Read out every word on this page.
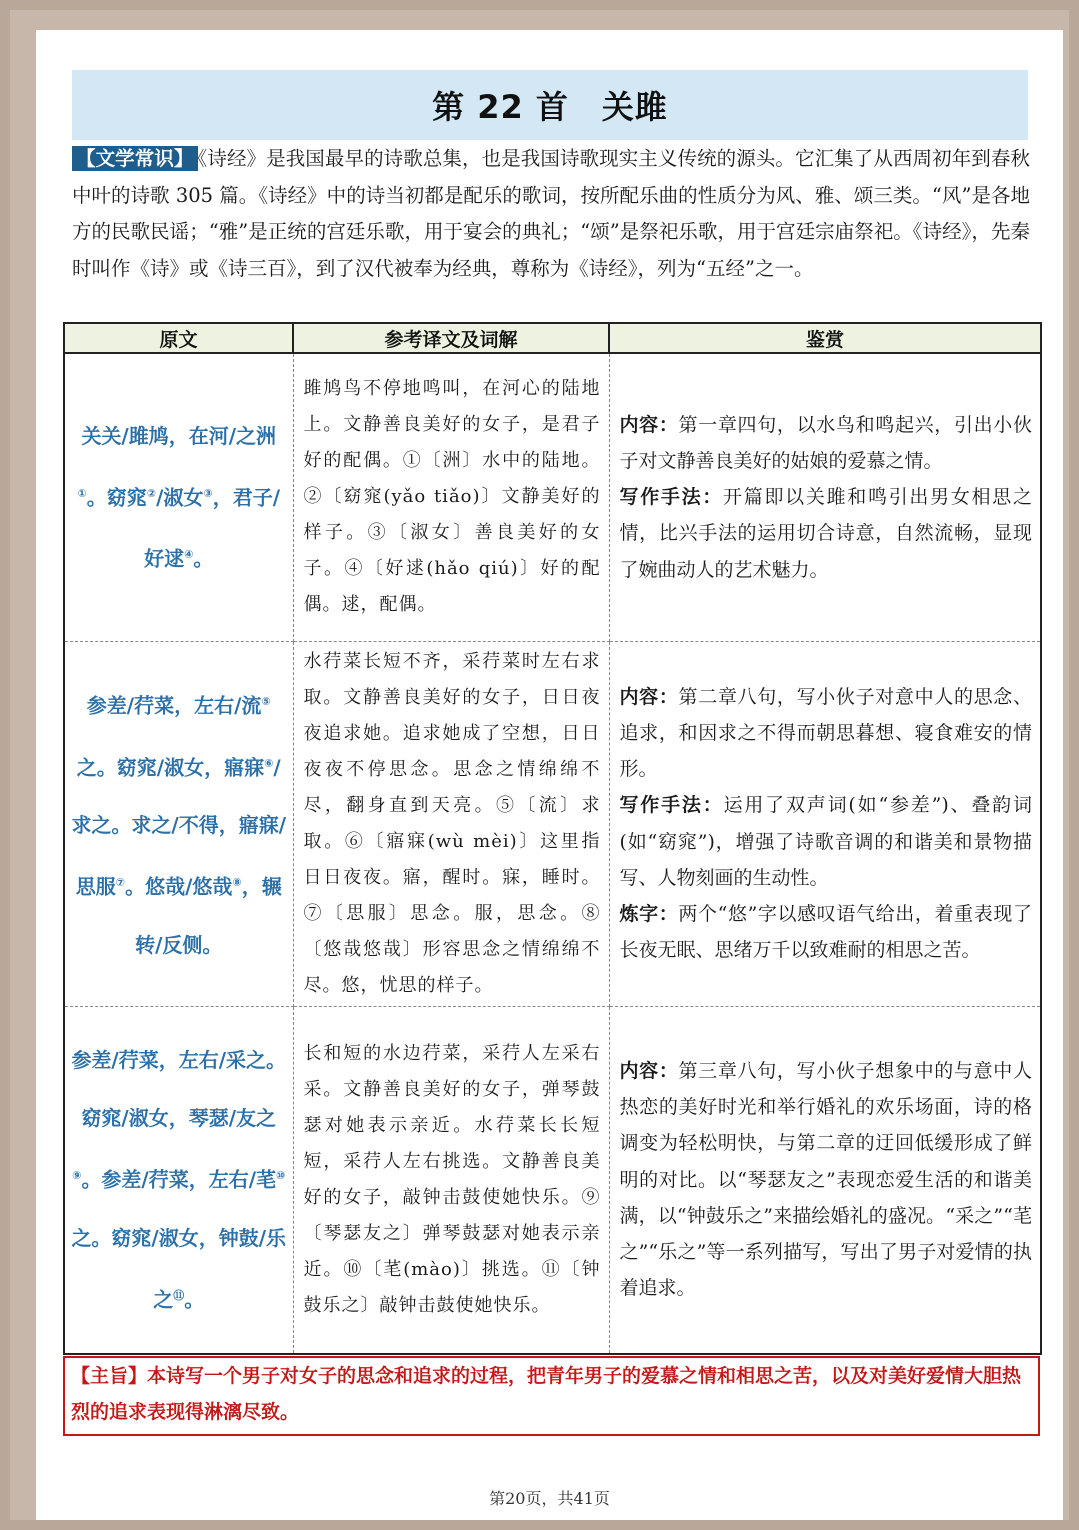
第 22 首　关雎
【文学常识】 《诗经》是我国最早的诗歌总集，也是我国诗歌现实主义传统的源头。它汇集了从西周初年到春秋中叶的诗歌 305 篇。《诗经》中的诗当初都是配乐的歌词，按所配乐曲的性质分为风、雅、颂三类。“风”是各地方的民歌民谣；“雅”是正统的宫廷乐歌，用于宴会的典礼；“颂”是祭祀乐歌，用于宫廷宗庙祭祀。《诗经》，先秦时叫作《诗》或《诗三百》，到了汉代被奉为经典，尊称为《诗经》，列为“五经”之一。
原文	参考译文及词解	鉴赏

关关/雎鸠，在河/之洲①。窈窕②/淑女③，君子/好逑④。	雎鸠鸟不停地鸣叫，在河心的陆地上。文静善良美好的女子，是君子好的配偶。①〔洲〕水中的陆地。②〔窈窕(yǎo tiǎo)〕文静美好的样子。③〔淑女〕善良美好的女子。④〔好逑(hǎo qiú)〕好的配偶。逑，配偶。	内容：第一章四句，以水鸟和鸣起兴，引出小伙子对文静善良美好的姑娘的爱慕之情。
写作手法：开篇即以关雎和鸣引出男女相思之情，比兴手法的运用切合诗意，自然流畅，显现了婉曲动人的艺术魅力。

参差/荇菜，左右/流⑤之。窈窕/淑女，寤寐⑥/求之。求之/不得，寤寐/思服⑦。悠哉/悠哉⑧，辗转/反侧。	水荇菜长短不齐，采荇菜时左右求取。文静善良美好的女子，日日夜夜追求她。追求她成了空想，日日夜夜不停思念。思念之情绵绵不尽，翻身直到天亮。⑤〔流〕求取。⑥〔寤寐(wù mèi)〕这里指日日夜夜。寤，醒时。寐，睡时。⑦〔思服〕思念。服，思念。⑧〔悠哉悠哉〕形容思念之情绵绵不尽。悠，忧思的样子。	内容：第二章八句，写小伙子对意中人的思念、追求，和因求之不得而朝思暮想、寝食难安的情形。
写作手法：运用了双声词(如“参差”)、叠韵词(如“窈窕”)，增强了诗歌音调的和谐美和景物描写、人物刻画的生动性。
炼字：两个“悠”字以感叹语气给出，着重表现了长夜无眠、思绪万千以致难耐的相思之苦。

参差/荇菜，左右/采之。窈窕/淑女，琴瑟/友之⑨。参差/荇菜，左右/芼⑩之。窈窕/淑女，钟鼓/乐之⑪。	长和短的水边荇菜，采荇人左采右采。文静善良美好的女子，弹琴鼓瑟对她表示亲近。水荇菜长长短短，采荇人左右挑选。文静善良美好的女子，敲钟击鼓使她快乐。⑨〔琴瑟友之〕弹琴鼓瑟对她表示亲近。⑩〔芼(mào)〕挑选。⑪〔钟鼓乐之〕敲钟击鼓使她快乐。	内容：第三章八句，写小伙子想象中的与意中人热恋的美好时光和举行婚礼的欢乐场面，诗的格调变为轻松明快，与第二章的迂回低缓形成了鲜明的对比。以“琴瑟友之”表现恋爱生活的和谐美满，以“钟鼓乐之”来描绘婚礼的盛况。“采之”“芼之”“乐之”等一系列描写，写出了男子对爱情的执着追求。
【主旨】本诗写一个男子对女子的思念和追求的过程，把青年男子的爱慕之情和相思之苦，以及对美好爱情大胆热烈的追求表现得淋漓尽致。
第20页，共41页
